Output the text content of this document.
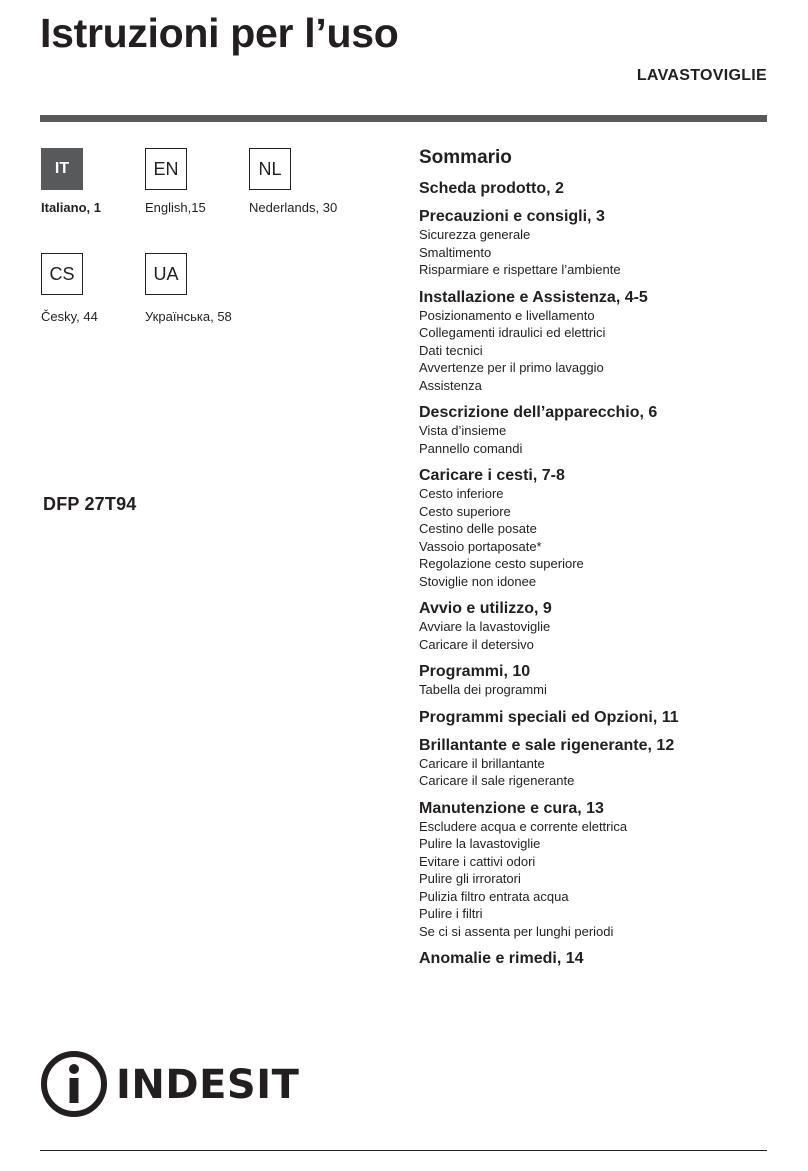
Istruzioni per l’uso
LAVASTOVIGLIE
IT
Italiano, 1
EN
English,15
NL
Nederlands, 30
CS
Česky, 44
UA
Українська, 58
DFP 27T94
Sommario
Scheda prodotto, 2
Precauzioni e consigli, 3
Sicurezza generale
Smaltimento
Risparmiare e rispettare l’ambiente
Installazione e Assistenza, 4-5
Posizionamento e livellamento
Collegamenti idraulici ed elettrici
Dati tecnici
Avvertenze per il primo lavaggio
Assistenza
Descrizione dell’apparecchio, 6
Vista d’insieme
Pannello comandi
Caricare i cesti, 7-8
Cesto inferiore
Cesto superiore
Cestino delle posate
Vassoio portaposate*
Regolazione cesto superiore
Stoviglie non idonee
Avvio e utilizzo, 9
Avviare la lavastoviglie
Caricare il detersivo
Programmi, 10
Tabella dei programmi
Programmi speciali ed Opzioni, 11
Brillantante e sale rigenerante, 12
Caricare il brillantante
Caricare il sale rigenerante
Manutenzione e cura, 13
Escludere acqua e corrente elettrica
Pulire la lavastoviglie
Evitare i cattivi odori
Pulire gli irroratori
Pulizia filtro entrata acqua
Pulire i filtri
Se ci si assenta per lunghi periodi
Anomalie e rimedi, 14
INDESIT
